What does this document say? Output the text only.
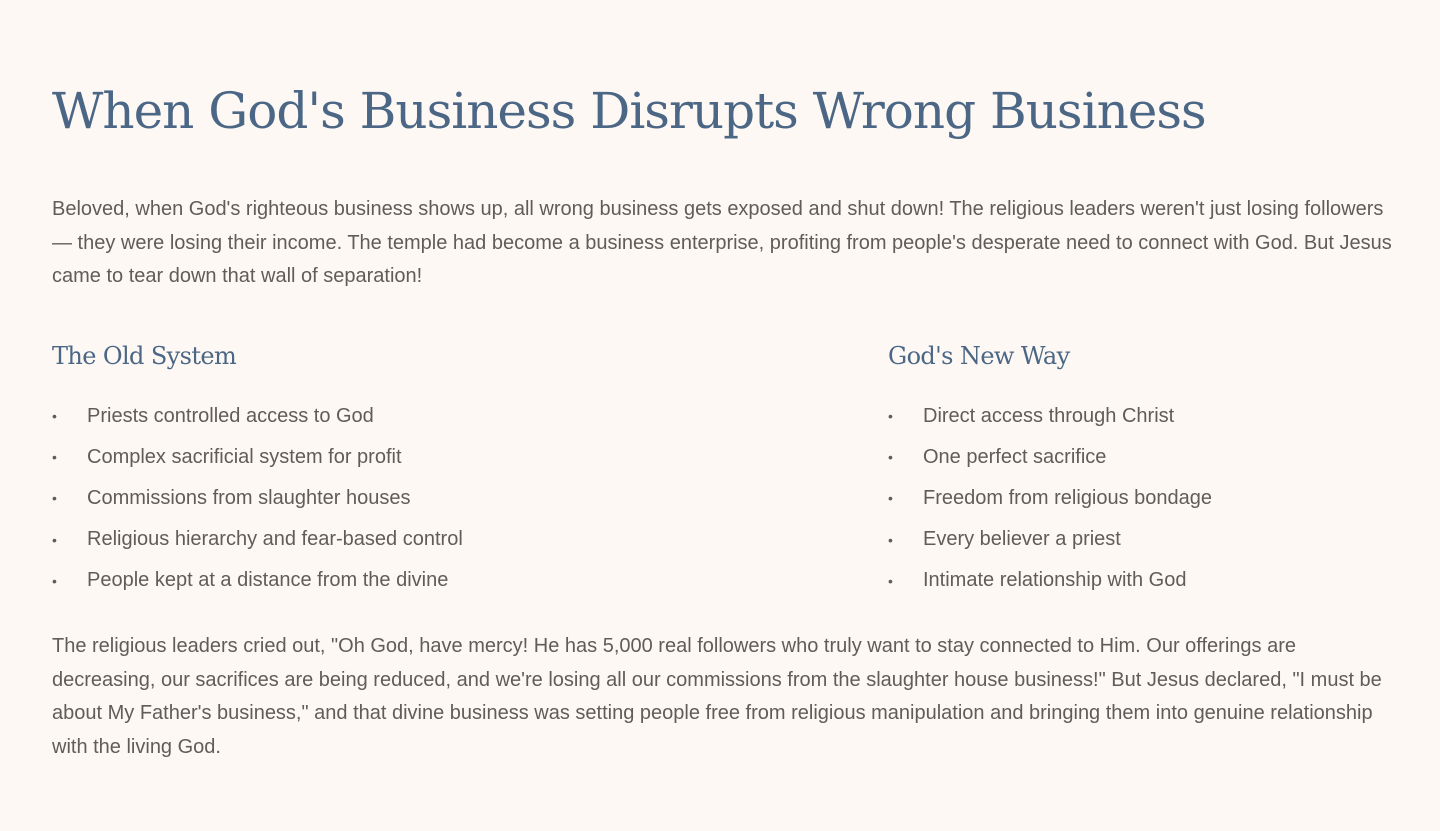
When God's Business Disrupts Wrong Business

Beloved, when God's righteous business shows up, all wrong business gets exposed and shut down! The religious leaders weren't just losing followers — they were losing their income. The temple had become a business enterprise, profiting from people's desperate need to connect with God. But Jesus came to tear down that wall of separation!

The Old System
•	Priests controlled access to God
•	Complex sacrificial system for profit
•	Commissions from slaughter houses
•	Religious hierarchy and fear-based control
•	People kept at a distance from the divine
God's New Way
•	Direct access through Christ
•	One perfect sacrifice
•	Freedom from religious bondage
•	Every believer a priest
•	Intimate relationship with God

The religious leaders cried out, "Oh God, have mercy! He has 5,000 real followers who truly want to stay connected to Him. Our offerings are decreasing, our sacrifices are being reduced, and we're losing all our commissions from the slaughter house business!" But Jesus declared, "I must be about My Father's business," and that divine business was setting people free from religious manipulation and bringing them into genuine relationship with the living God.
